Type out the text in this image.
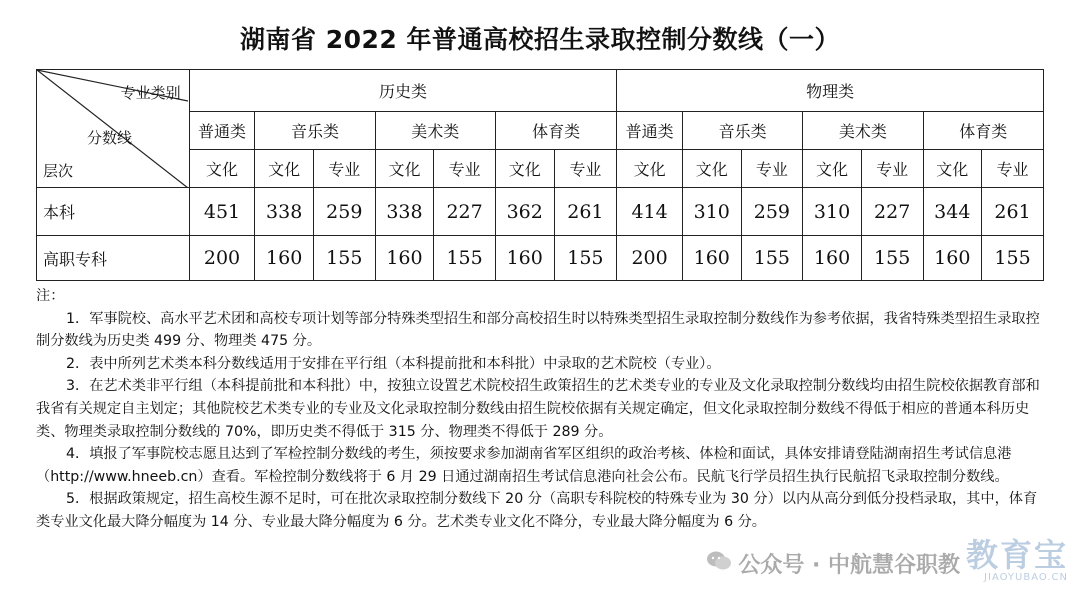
湖南省 2022 年普通高校招生录取控制分数线（一）
专业类别
分数线
层次	历史类							物理类						
	普通类	音乐类		美术类		体育类		普通类	音乐类		美术类		体育类	
	文化	文化	专业	文化	专业	文化	专业	文化	文化	专业	文化	专业	文化	专业
本科	451	338	259	338	227	362	261	414	310	259	310	227	344	261
高职专科	200	160	155	160	155	160	155	200	160	155	160	155	160	155

注：

1．军事院校、高水平艺术团和高校专项计划等部分特殊类型招生和部分高校招生时以特殊类型招生录取控制分数线作为参考依据，我省特殊类型招生录取控制分数线为历史类 499 分、物理类 475 分。

2．表中所列艺术类本科分数线适用于安排在平行组（本科提前批和本科批）中录取的艺术院校（专业）。

3．在艺术类非平行组（本科提前批和本科批）中，按独立设置艺术院校招生政策招生的艺术类专业的专业及文化录取控制分数线均由招生院校依据教育部和我省有关规定自主划定；其他院校艺术类专业的专业及文化录取控制分数线由招生院校依据有关规定确定，但文化录取控制分数线不得低于相应的普通本科历史类、物理类录取控制分数线的 70%，即历史类不得低于 315 分、物理类不得低于 289 分。

4．填报了军事院校志愿且达到了军检控制分数线的考生，须按要求参加湖南省军区组织的政治考核、体检和面试，具体安排请登陆湖南招生考试信息港（http://www.hneeb.cn）查看。军检控制分数线将于 6 月 29 日通过湖南招生考试信息港向社会公布。民航飞行学员招生执行民航招飞录取控制分数线。

5．根据政策规定，招生高校生源不足时，可在批次录取控制分数线下 20 分（高职专科院校的特殊专业为 30 分）以内从高分到低分投档录取，其中，体育类专业文化最大降分幅度为 14 分、专业最大降分幅度为 6 分。艺术类专业文化不降分，专业最大降分幅度为 6 分。

公众号 · 中航慧谷职教 教育宝
JIAOYUBAO.CN
